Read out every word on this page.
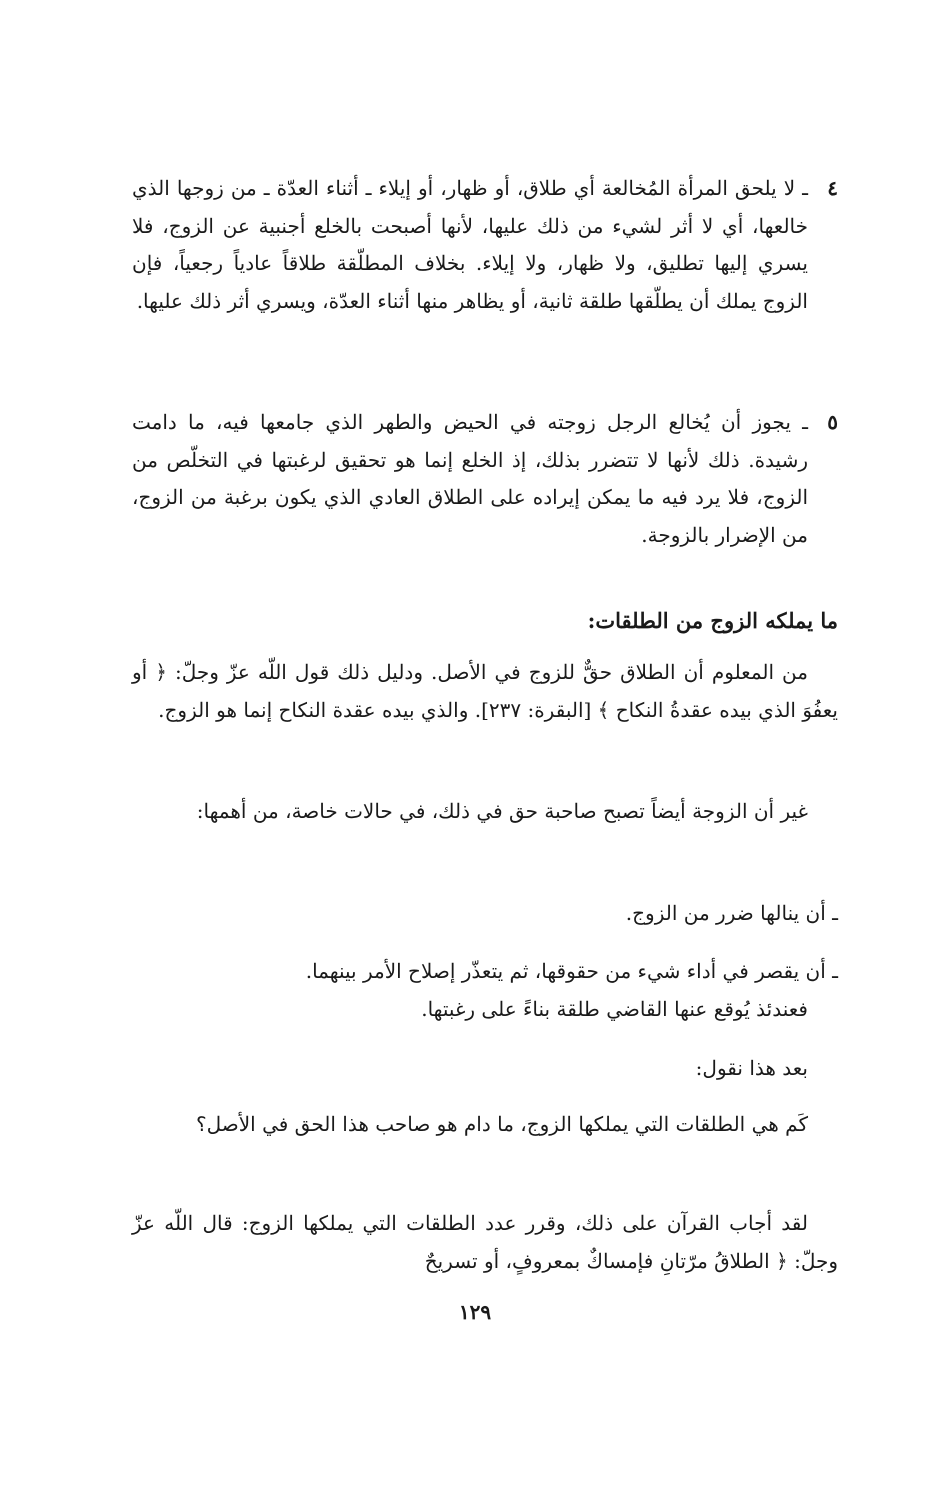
٤
ـ لا يلحق المرأة المُخالعة أي طلاق، أو ظهار، أو إيلاء ـ أثناء العدّة ـ من زوجها الذي خالعها، أي لا أثر لشيء من ذلك عليها، لأنها أصبحت بالخلع أجنبية عن الزوج، فلا يسري إليها تطليق، ولا ظهار، ولا إيلاء. بخلاف المطلّقة طلاقاً عادياً رجعياً، فإن الزوج يملك أن يطلّقها طلقة ثانية، أو يظاهر منها أثناء العدّة، ويسري أثر ذلك عليها.
٥
ـ يجوز أن يُخالع الرجل زوجته في الحيض والطهر الذي جامعها فيه، ما دامت رشيدة. ذلك لأنها لا تتضرر بذلك، إذ الخلع إنما هو تحقيق لرغبتها في التخلّص من الزوج، فلا يرد فيه ما يمكن إيراده على الطلاق العادي الذي يكون برغبة من الزوج، من الإضرار بالزوجة.
ما يملكه الزوج من الطلقات:
من المعلوم أن الطلاق حقٌّ للزوج في الأصل. ودليل ذلك قول اللّه عزّ وجلّ: ﴿ أو يعفُوَ الذي بيده عقدةُ النكاح ﴾ [البقرة: ٢٣٧]. والذي بيده عقدة النكاح إنما هو الزوج.
غير أن الزوجة أيضاً تصبح صاحبة حق في ذلك، في حالات خاصة، من أهمها:
ـ أن ينالها ضرر من الزوج.
ـ أن يقصر في أداء شيء من حقوقها، ثم يتعذّر إصلاح الأمر بينهما.
فعندئذ يُوقع عنها القاضي طلقة بناءً على رغبتها.
بعد هذا نقول:
كَم هي الطلقات التي يملكها الزوج، ما دام هو صاحب هذا الحق في الأصل؟
لقد أجاب القرآن على ذلك، وقرر عدد الطلقات التي يملكها الزوج: قال اللّه عزّ وجلّ: ﴿ الطلاقُ مرّتانِ فإمساكٌ بمعروفٍ، أو تسريحٌ
١٢٩
